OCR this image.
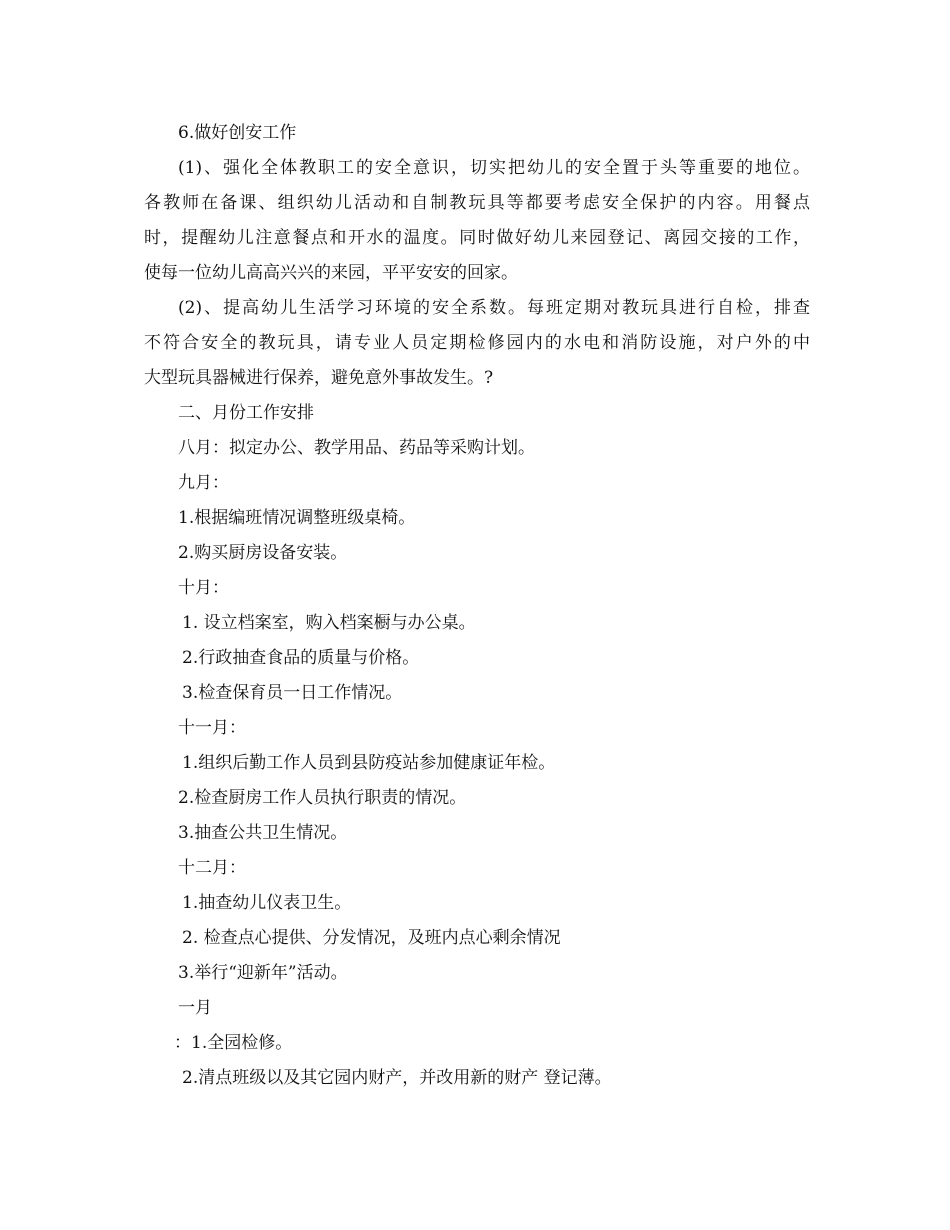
6.做好创安工作
(1)、强化全体教职工的安全意识，切实把幼儿的安全置于头等重要的地位。
各教师在备课、组织幼儿活动和自制教玩具等都要考虑安全保护的内容。用餐点
时，提醒幼儿注意餐点和开水的温度。同时做好幼儿来园登记、离园交接的工作，
使每一位幼儿高高兴兴的来园，平平安安的回家。
(2)、提高幼儿生活学习环境的安全系数。每班定期对教玩具进行自检，排查
不符合安全的教玩具，请专业人员定期检修园内的水电和消防设施，对户外的中
大型玩具器械进行保养，避免意外事故发生。?
二、月份工作安排
八月：拟定办公、教学用品、药品等采购计划。
九月：
1.根据编班情况调整班级桌椅。
2.购买厨房设备安装。
十月：
1. 设立档案室，购入档案橱与办公桌。
2.行政抽查食品的质量与价格。
3.检查保育员一日工作情况。
十一月：
1.组织后勤工作人员到县防疫站参加健康证年检。
2.检查厨房工作人员执行职责的情况。
3.抽查公共卫生情况。
十二月：
1.抽查幼儿仪表卫生。
2. 检查点心提供、分发情况，及班内点心剩余情况
3.举行“迎新年”活动。
一月
：1.全园检修。
2.清点班级以及其它园内财产，并改用新的财产 登记薄。
